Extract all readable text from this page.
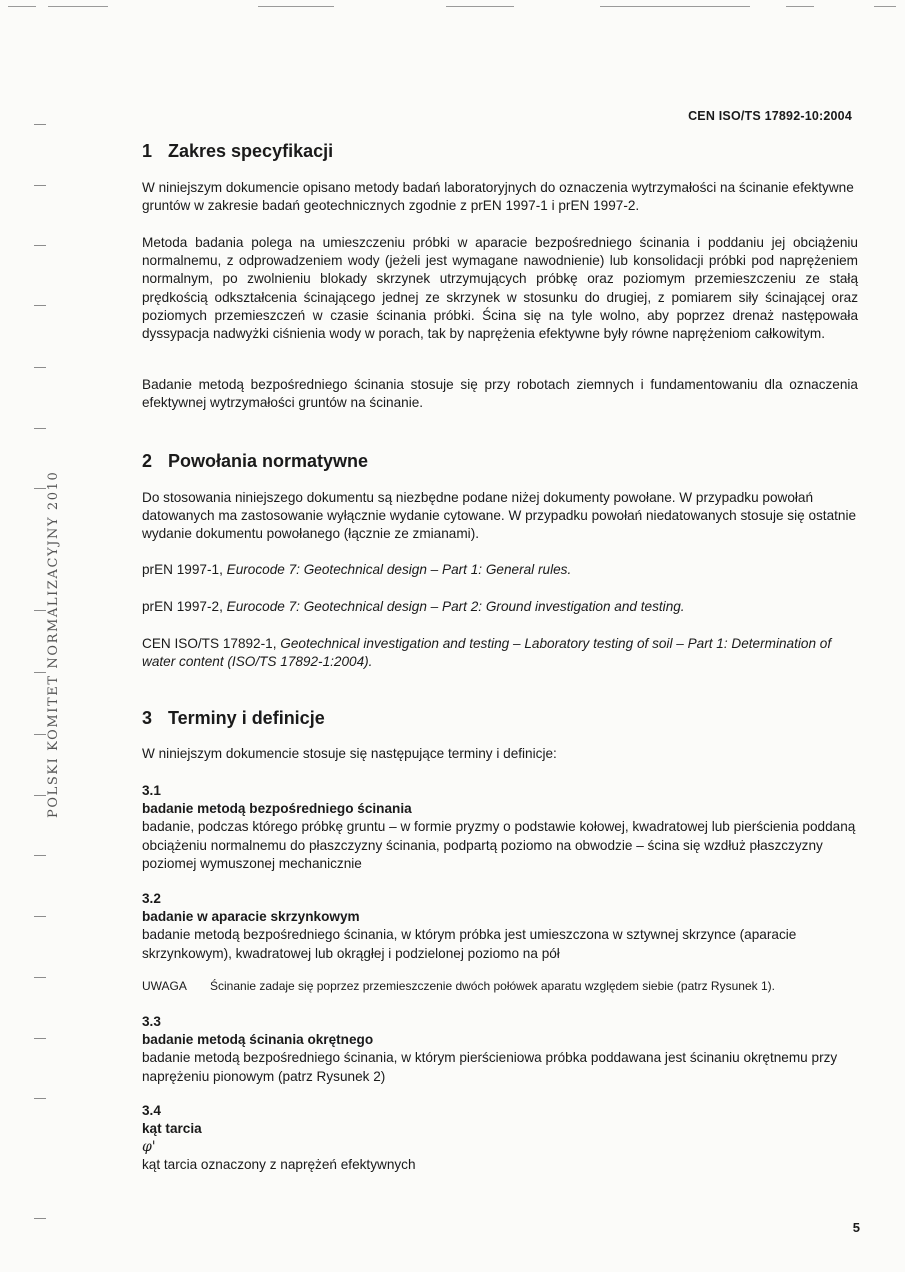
POLSKI KOMITET NORMALIZACYJNY 2010
CEN ISO/TS 17892-10:2004
1 Zakres specyfikacji

W niniejszym dokumencie opisano metody badań laboratoryjnych do oznaczenia wytrzymałości na ścinanie efektywne gruntów w zakresie badań geotechnicznych zgodnie z prEN 1997-1 i prEN 1997-2.

Metoda badania polega na umieszczeniu próbki w aparacie bezpośredniego ścinania i poddaniu jej obciążeniu normalnemu, z odprowadzeniem wody (jeżeli jest wymagane nawodnienie) lub konsolidacji próbki pod naprężeniem normalnym, po zwolnieniu blokady skrzynek utrzymujących próbkę oraz poziomym przemieszczeniu ze stałą prędkością odkształcenia ścinającego jednej ze skrzynek w stosunku do drugiej, z pomiarem siły ścinającej oraz poziomych przemieszczeń w czasie ścinania próbki. Ścina się na tyle wolno, aby poprzez drenaż następowała dyssypacja nadwyżki ciśnienia wody w porach, tak by naprężenia efektywne były równe naprężeniom całkowitym.

Badanie metodą bezpośredniego ścinania stosuje się przy robotach ziemnych i fundamentowaniu dla oznaczenia efektywnej wytrzymałości gruntów na ścinanie.

2 Powołania normatywne

Do stosowania niniejszego dokumentu są niezbędne podane niżej dokumenty powołane. W przypadku powołań datowanych ma zastosowanie wyłącznie wydanie cytowane. W przypadku powołań niedatowanych stosuje się ostatnie wydanie dokumentu powołanego (łącznie ze zmianami).

prEN 1997-1, Eurocode 7: Geotechnical design – Part 1: General rules.

prEN 1997-2, Eurocode 7: Geotechnical design – Part 2: Ground investigation and testing.

CEN ISO/TS 17892-1, Geotechnical investigation and testing – Laboratory testing of soil – Part 1: Determination of water content (ISO/TS 17892-1:2004).

3 Terminy i definicje

W niniejszym dokumencie stosuje się następujące terminy i definicje:

3.1
badanie metodą bezpośredniego ścinania

badanie, podczas którego próbkę gruntu – w formie pryzmy o podstawie kołowej, kwadratowej lub pierścienia poddaną obciążeniu normalnemu do płaszczyzny ścinania, podpartą poziomo na obwodzie – ścina się wzdłuż płaszczyzny poziomej wymuszonej mechanicznie

3.2
badanie w aparacie skrzynkowym

badanie metodą bezpośredniego ścinania, w którym próbka jest umieszczona w sztywnej skrzynce (aparacie skrzynkowym), kwadratowej lub okrągłej i podzielonej poziomo na pół

UWAGA Ścinanie zadaje się poprzez przemieszczenie dwóch połówek aparatu względem siebie (patrz Rysunek 1).
3.3
badanie metodą ścinania okrętnego

badanie metodą bezpośredniego ścinania, w którym pierścieniowa próbka poddawana jest ścinaniu okrętnemu przy naprężeniu pionowym (patrz Rysunek 2)

3.4
kąt tarcia
φ'

kąt tarcia oznaczony z naprężeń efektywnych

5
